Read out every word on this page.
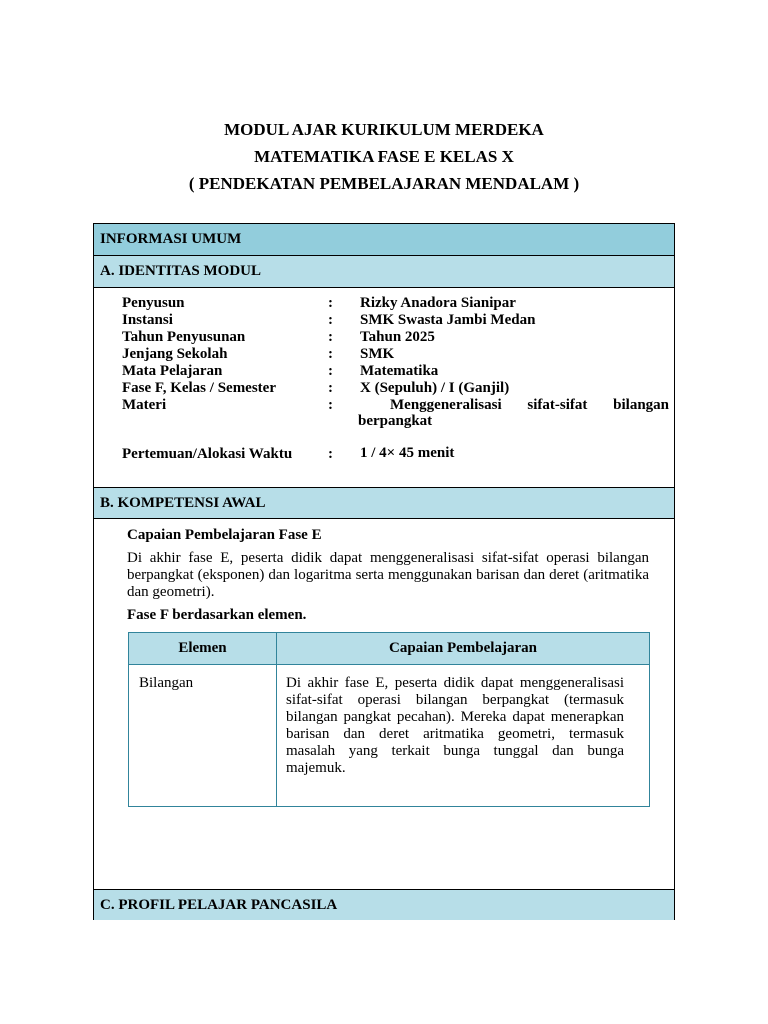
MODUL AJAR KURIKULUM MERDEKA
MATEMATIKA FASE E KELAS X
( PENDEKATAN PEMBELAJARAN MENDALAM )
INFORMASI UMUM
A. IDENTITAS MODUL
Penyusun	: Rizky Anadora Sianipar
Instansi	: SMK Swasta Jambi Medan
Tahun Penyusunan	: Tahun 2025
Jenjang Sekolah	: SMK
Mata Pelajaran	: Matematika
Fase F, Kelas / Semester	: X (Sepuluh) / I (Ganjil)
Materi	:	Menggeneralisasi sifat-sifat bilangan
berpangkat
Pertemuan/Alokasi Waktu	: 1 / 4× 45 menit
B. KOMPETENSI AWAL
Capaian Pembelajaran Fase E
Di akhir fase E, peserta didik dapat menggeneralisasi sifat-sifat operasi bilangan berpangkat (eksponen) dan logaritma serta menggunakan barisan dan deret (aritmatika dan geometri).
Fase F berdasarkan elemen.
Elemen	Capaian Pembelajaran
Bilangan	Di akhir fase E, peserta didik dapat menggeneralisasi sifat-sifat operasi bilangan berpangkat (termasuk bilangan pangkat pecahan). Mereka dapat menerapkan barisan dan deret aritmatika geometri, termasuk masalah yang terkait bunga tunggal dan bunga majemuk.
C. PROFIL PELAJAR PANCASILA
